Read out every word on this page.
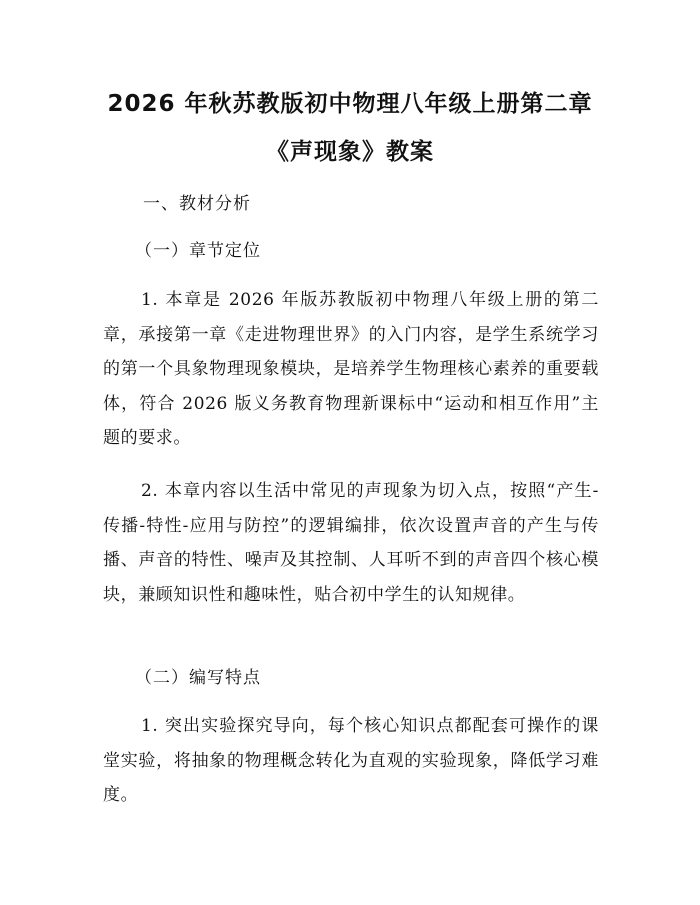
2026 年秋苏教版初中物理八年级上册第二章
《声现象》教案
一、教材分析
（一）章节定位
1. 本章是 2026 年版苏教版初中物理八年级上册的第二章，承接第一章《走进物理世界》的入门内容，是学生系统学习的第一个具象物理现象模块，是培养学生物理核心素养的重要载体，符合 2026 版义务教育物理新课标中“运动和相互作用”主题的要求。
2. 本章内容以生活中常见的声现象为切入点，按照“产生-传播-特性-应用与防控”的逻辑编排，依次设置声音的产生与传播、声音的特性、噪声及其控制、人耳听不到的声音四个核心模块，兼顾知识性和趣味性，贴合初中学生的认知规律。
（二）编写特点
1. 突出实验探究导向，每个核心知识点都配套可操作的课堂实验，将抽象的物理概念转化为直观的实验现象，降低学习难度。
